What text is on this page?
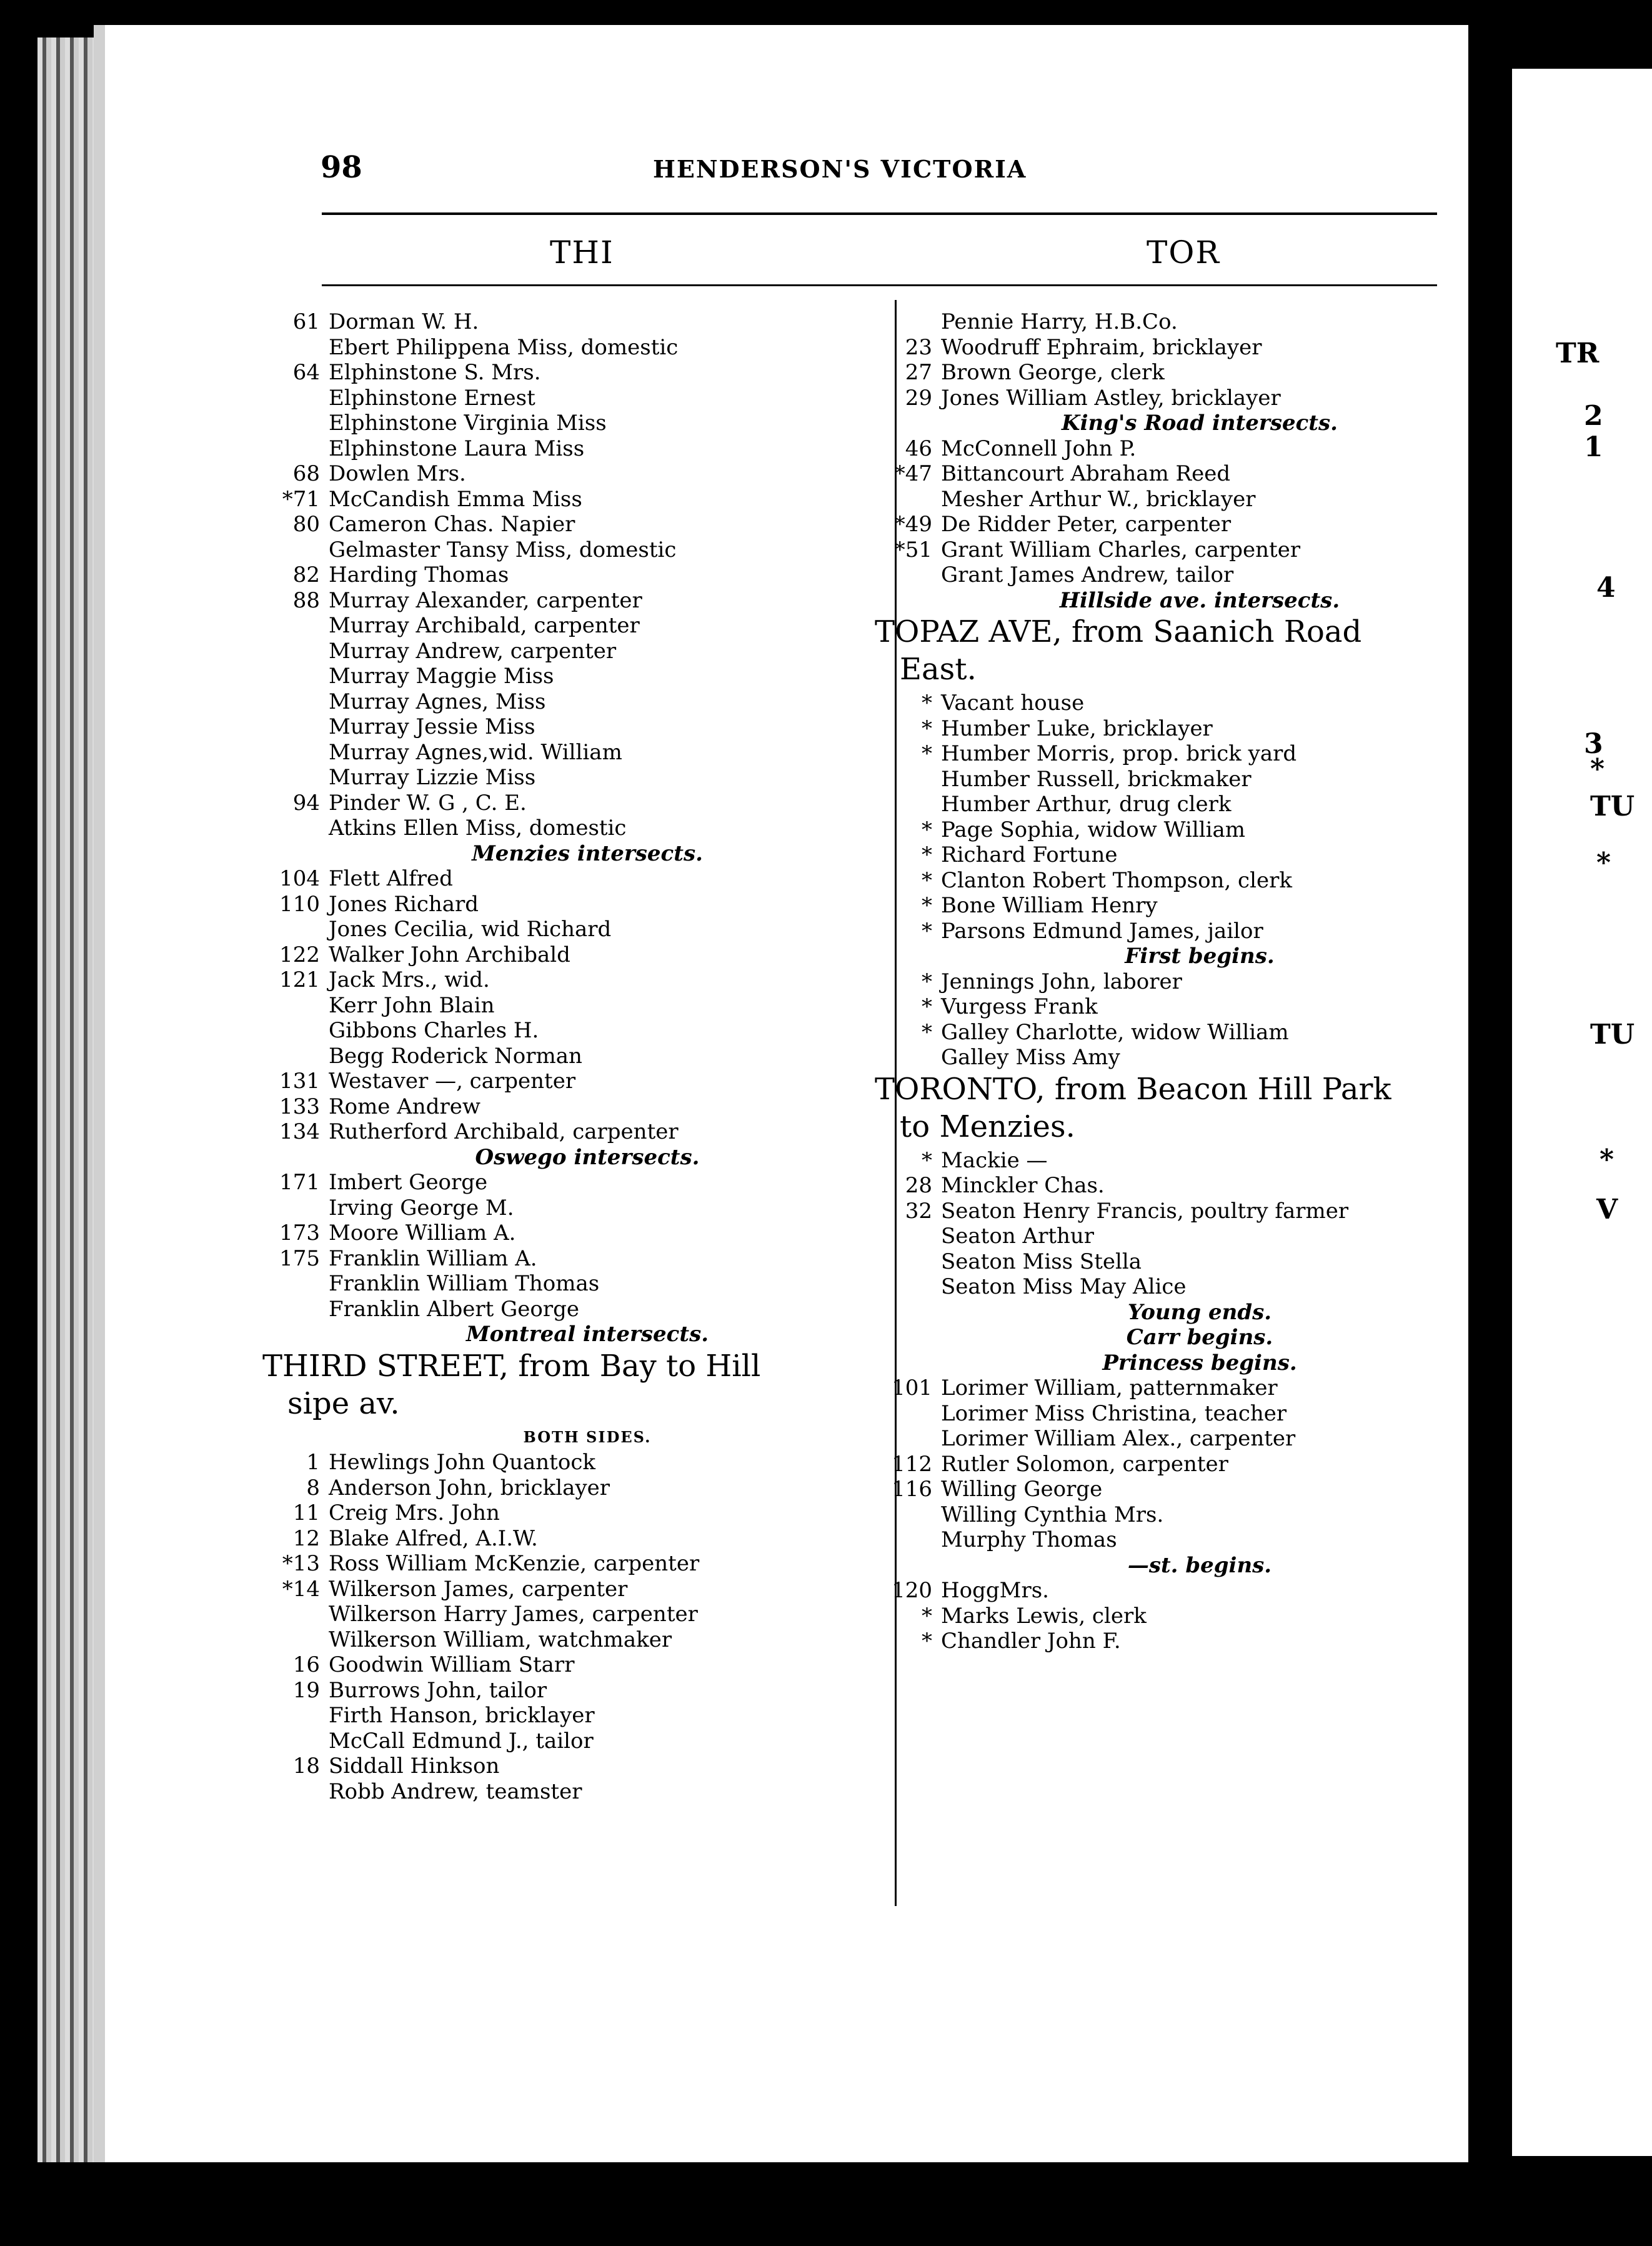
98	HENDERSON'S VICTORIA
THI	TOR
61 Dorman W. H.
Ebert Philippena Miss, domestic
64 Elphinstone S. Mrs.
Elphinstone Ernest
Elphinstone Virginia Miss
Elphinstone Laura Miss
68 Dowlen Mrs.
*71 McCandish Emma Miss
80 Cameron Chas. Napier
Gelmaster Tansy Miss, domestic
82 Harding Thomas
88 Murray Alexander, carpenter
Murray Archibald, carpenter
Murray Andrew, carpenter
Murray Maggie Miss
Murray Agnes, Miss
Murray Jessie Miss
Murray Agnes,wid. William
Murray Lizzie Miss
94 Pinder W. G , C. E.
Atkins Ellen Miss, domestic
Menzies intersects.
104 Flett Alfred
110 Jones Richard
Jones Cecilia, wid Richard
122 Walker John Archibald
121 Jack Mrs., wid.
Kerr John Blain
Gibbons Charles H.
Begg Roderick Norman
131 Westaver —, carpenter
133 Rome Andrew
134 Rutherford Archibald, carpenter
Oswego intersects.
171 Imbert George
Irving George M.
173 Moore William A.
175 Franklin William A.
Franklin William Thomas
Franklin Albert George
Montreal intersects.
THIRD STREET, from Bay to Hill
sipe av.
BOTH SIDES.
1 Hewlings John Quantock
8 Anderson John, bricklayer
11 Creig Mrs. John
12 Blake Alfred, A.I.W.
*13 Ross William McKenzie, carpenter
*14 Wilkerson James, carpenter
Wilkerson Harry James, carpenter
Wilkerson William, watchmaker
16 Goodwin William Starr
19 Burrows John, tailor
Firth Hanson, bricklayer
McCall Edmund J., tailor
18 Siddall Hinkson
Robb Andrew, teamster
Pennie Harry, H.B.Co.
23 Woodruff Ephraim, bricklayer
27 Brown George, clerk
29 Jones William Astley, bricklayer
King's Road intersects.
46 McConnell John P.
*47 Bittancourt Abraham Reed
Mesher Arthur W., bricklayer
*49 De Ridder Peter, carpenter
*51 Grant William Charles, carpenter
Grant James Andrew, tailor
Hillside ave. intersects.
TOPAZ AVE, from Saanich Road
East.
* Vacant house
* Humber Luke, bricklayer
* Humber Morris, prop. brick yard
Humber Russell, brickmaker
Humber Arthur, drug clerk
* Page Sophia, widow William
* Richard Fortune
* Clanton Robert Thompson, clerk
* Bone William Henry
* Parsons Edmund James, jailor
First begins.
* Jennings John, laborer
* Vurgess Frank
* Galley Charlotte, widow William
Galley Miss Amy
TORONTO, from Beacon Hill Park
to Menzies.
* Mackie —
28 Minckler Chas.
32 Seaton Henry Francis, poultry farmer
Seaton Arthur
Seaton Miss Stella
Seaton Miss May Alice
Young ends.
Carr begins.
Princess begins.
101 Lorimer William, patternmaker
Lorimer Miss Christina, teacher
Lorimer William Alex., carpenter
112 Rutler Solomon, carpenter
116 Willing George
Willing Cynthia Mrs.
Murphy Thomas
—st. begins.
120 HoggMrs.
* Marks Lewis, clerk
* Chandler John F.
TR
2
1
4
3
*
TU
*
TU
*
V
